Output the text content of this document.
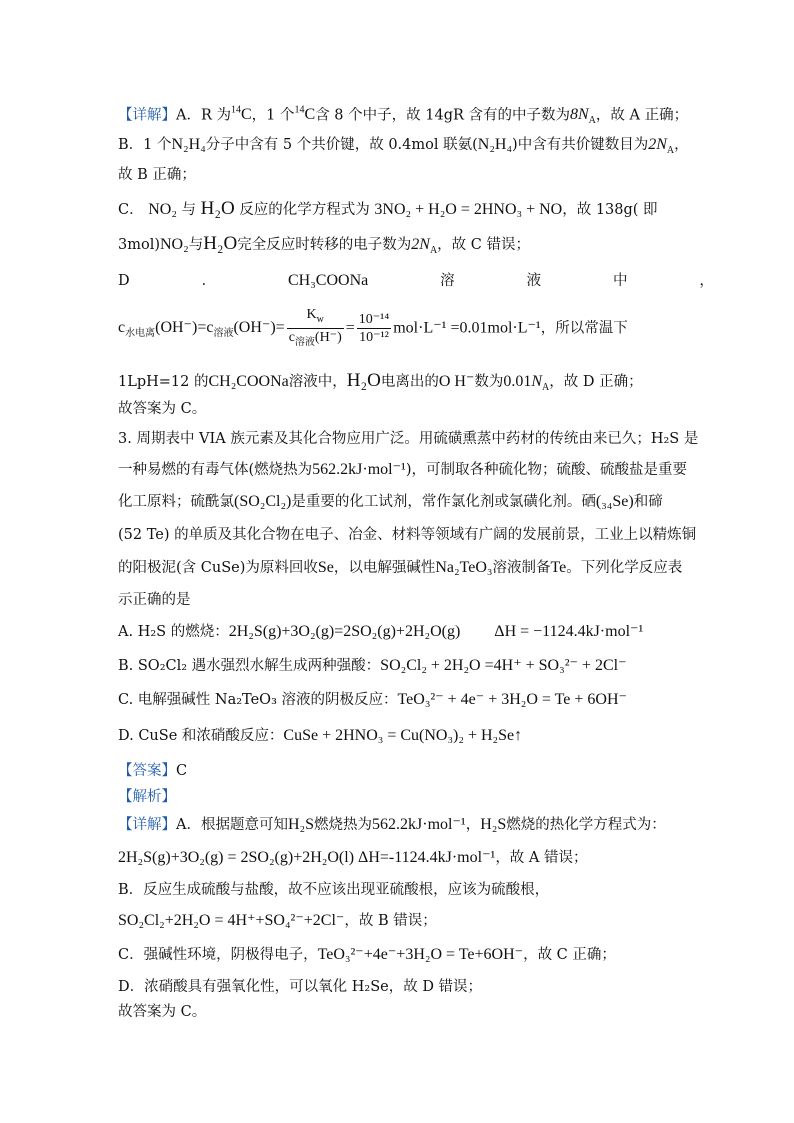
【详解】A．R 为$^{14}$C，1 个$^{14}$C含 8 个中子，故 14gR 含有的中子数为$8N_A$，故 A 正确；
B．1 个N₂H₄分子中含有 5 个共价键，故 0.4mol 联氨(N₂H₄)中含有共价键数目为$2N_A$，
故 B 正确；
C． NO₂ 与 H₂O 反应的化学方程式为 3NO₂ + H₂O = 2HNO₃ + NO，故 138g( 即
3mol)NO₂与H₂O完全反应时转移的电子数为$2N_A$，故 C 错误；
D	．	CH₃COONa	溶	液	中	，
$c_{水电离}(OH^-)=c_{溶液}(OH^-)= \frac{K_w}{c_{溶液}(H^-)} = \frac{\text{10⁻¹⁴}}{\text{10⁻¹²}} mol\cdot L^{-1} =0.01mol\cdot L^{-1}$，所以常温下
1LpH=12 的CH₂COONa溶液中，H₂O电离出的O H−数为$0.01N_A$，故 D 正确；
故答案为 C。
3. 周期表中 VIA 族元素及其化合物应用广泛。用硫磺熏蒸中药材的传统由来已久；H₂S 是
一种易燃的有毒气体(燃烧热为562.2kJ·mol⁻¹)，可制取各种硫化物；硫酸、硫酸盐是重要
化工原料；硫酰氯(SO₂Cl₂)是重要的化工试剂，常作氯化剂或氯磺化剂。硒(₃₄Se)和碲
(52 Te) 的单质及其化合物在电子、冶金、材料等领域有广阔的发展前景，工业上以精炼铜
的阳极泥(含 CuSe)为原料回收Se，以电解强碱性Na₂TeO₃溶液制备Te。下列化学反应表
示正确的是
A. H₂S 的燃烧：2H₂S(g)+3O₂(g)=2SO₂(g)+2H₂O(g) ΔH = −1124.4kJ·mol⁻¹
B. SO₂Cl₂ 遇水强烈水解生成两种强酸：SO₂Cl₂ + 2H₂O =4H⁺ + SO₃²⁻ + 2Cl⁻
C. 电解强碱性 Na₂TeO₃ 溶液的阴极反应：TeO₃²⁻ + 4e⁻ + 3H₂O = Te + 6OH⁻
D. CuSe 和浓硝酸反应：CuSe + 2HNO₃ = Cu(NO₃)₂ + H₂Se↑
【答案】C
【解析】
【详解】A．根据题意可知H₂S燃烧热为562.2kJ·mol⁻¹，H₂S燃烧的热化学方程式为：
2H₂S(g)+3O₂(g) = 2SO₂(g)+2H₂O(l) ΔH=-1124.4kJ·mol⁻¹，故 A 错误；
B．反应生成硫酸与盐酸，故不应该出现亚硫酸根，应该为硫酸根，
SO₂Cl₂+2H₂O = 4H⁺+SO₄²⁻+2Cl⁻，故 B 错误；
C．强碱性环境，阴极得电子，TeO₃²⁻+4e⁻+3H₂O = Te+6OH⁻，故 C 正确；
D．浓硝酸具有强氧化性，可以氧化 H₂Se，故 D 错误；
故答案为 C。
